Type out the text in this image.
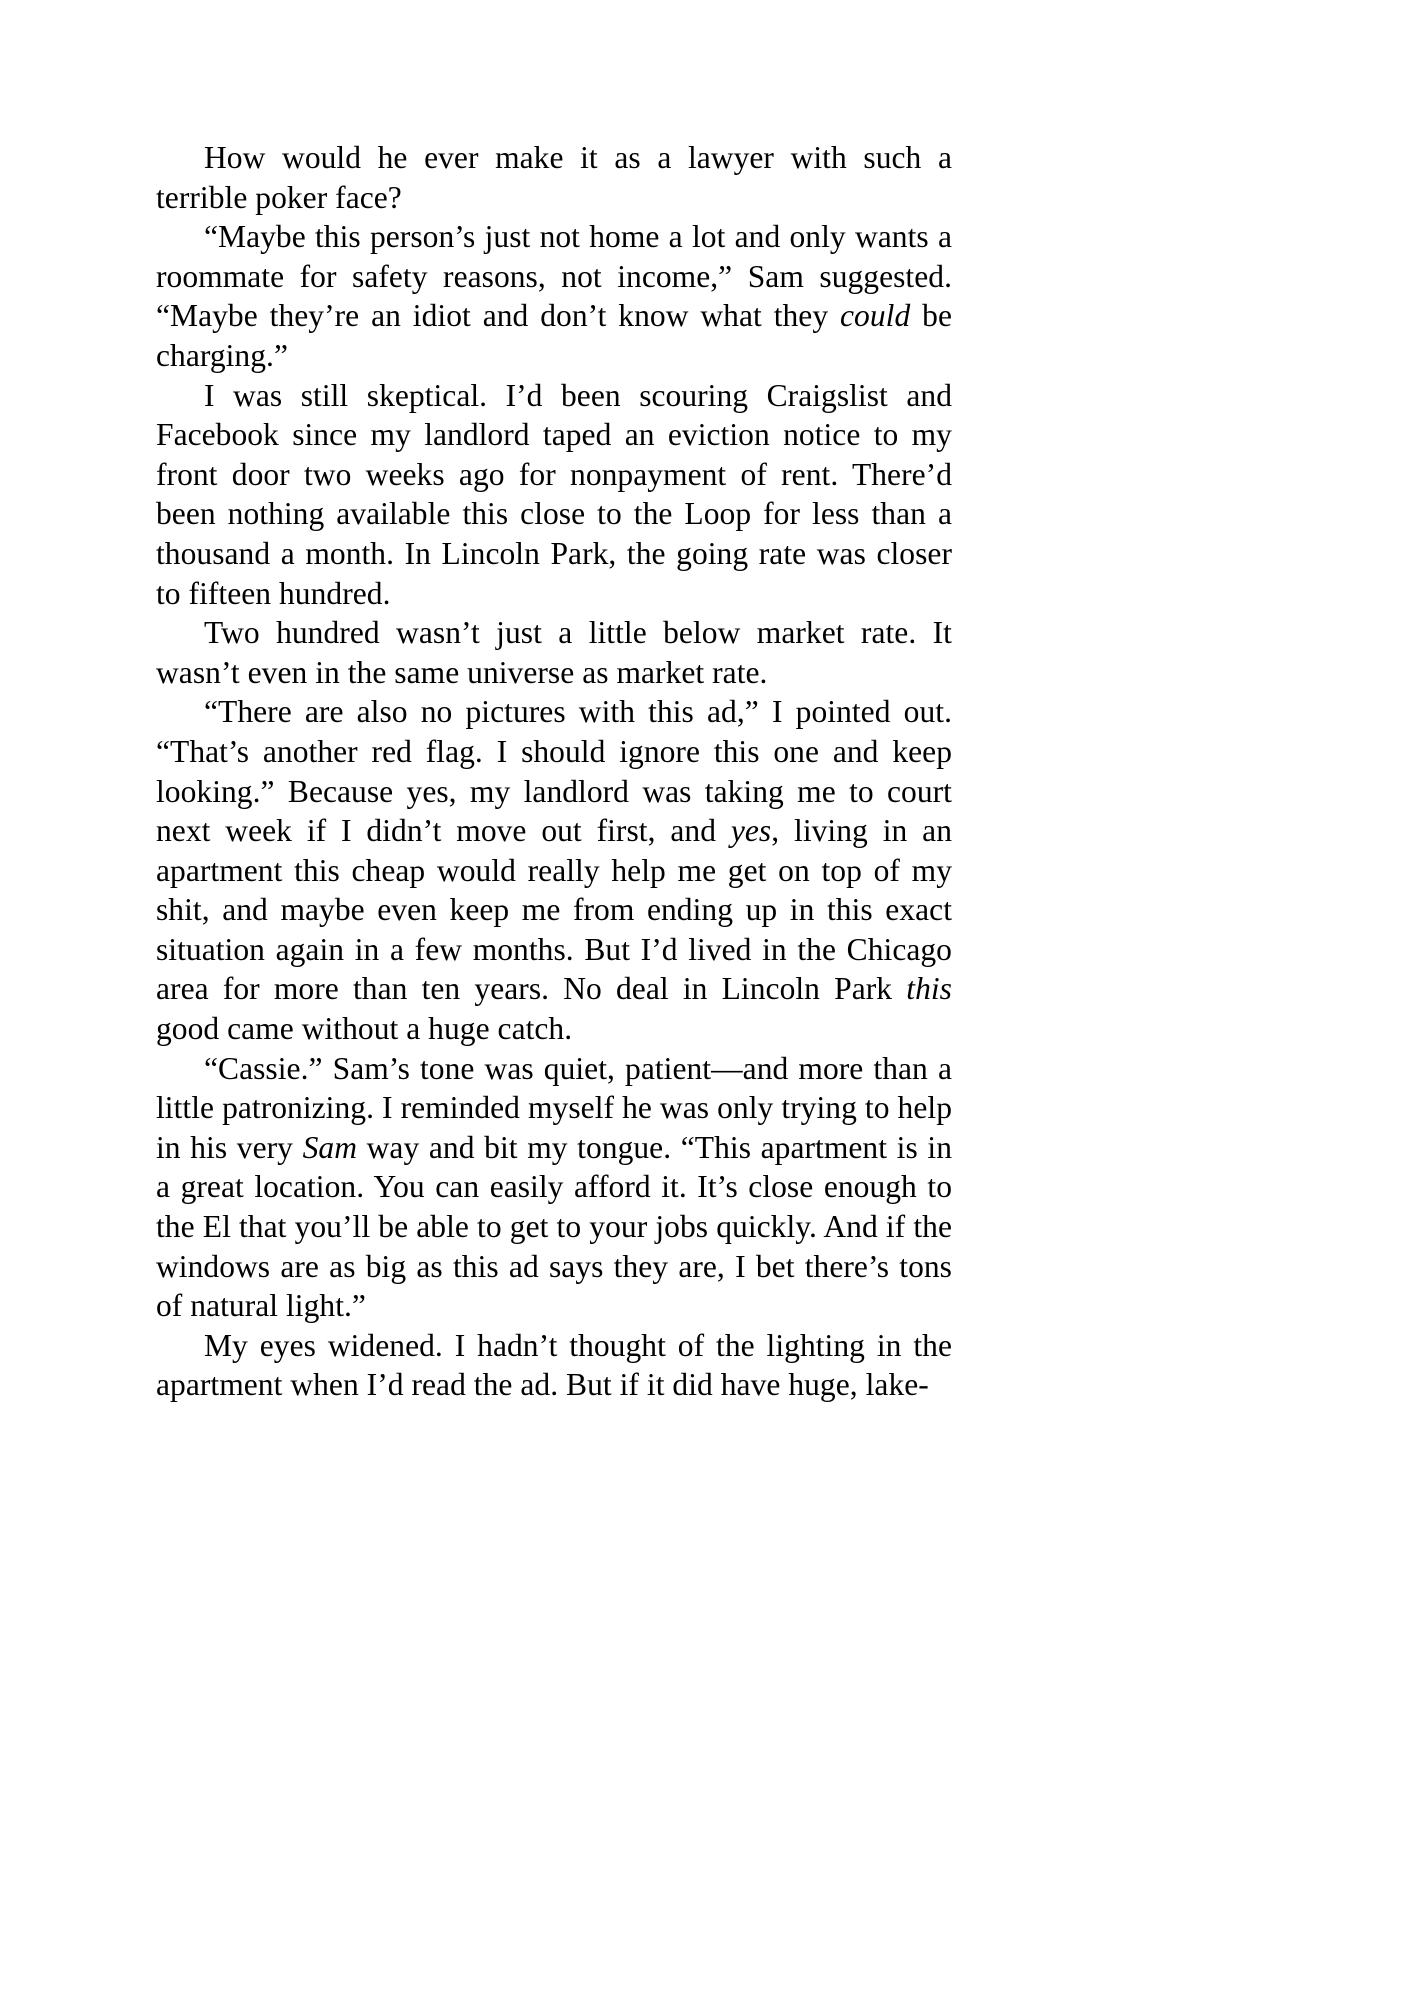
How would he ever make it as a lawyer with such a terrible poker face?

“Maybe this person’s just not home a lot and only wants a roommate for safety reasons, not income,” Sam suggested. “Maybe they’re an idiot and don’t know what they could be charging.”

I was still skeptical. I’d been scouring Craigslist and Facebook since my landlord taped an eviction notice to my front door two weeks ago for nonpayment of rent. There’d been nothing available this close to the Loop for less than a thousand a month. In Lincoln Park, the going rate was closer to fifteen hundred.

Two hundred wasn’t just a little below market rate. It wasn’t even in the same universe as market rate.

“There are also no pictures with this ad,” I pointed out. “That’s another red flag. I should ignore this one and keep looking.” Because yes, my landlord was taking me to court next week if I didn’t move out first, and yes, living in an apartment this cheap would really help me get on top of my shit, and maybe even keep me from ending up in this exact situation again in a few months. But I’d lived in the Chicago area for more than ten years. No deal in Lincoln Park this good came without a huge catch.

“Cassie.” Sam’s tone was quiet, patient—and more than a little patronizing. I reminded myself he was only trying to help in his very Sam way and bit my tongue. “This apartment is in a great location. You can easily afford it. It’s close enough to the El that you’ll be able to get to your jobs quickly. And if the windows are as big as this ad says they are, I bet there’s tons of natural light.”

My eyes widened. I hadn’t thought of the lighting in the apartment when I’d read the ad. But if it did have huge, lake-
